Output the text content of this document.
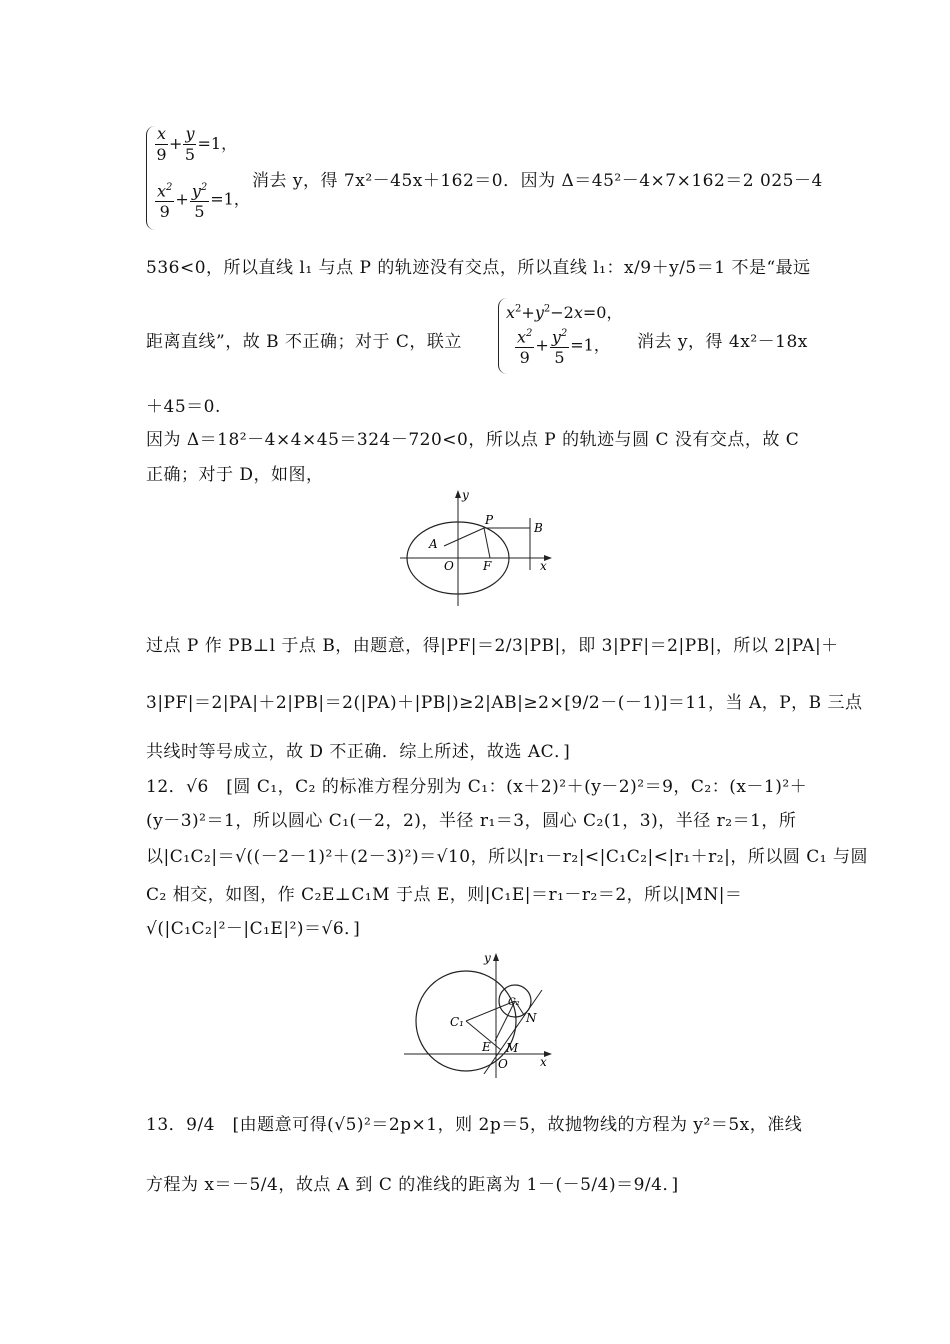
$\frac{x}{9} + \frac{y}{5} =1$，
$\frac{x^2}{9} + \frac{y^2}{5} =1$，
消去 y，得 7x²－45x＋162＝0．因为 Δ＝45²－4×7×162＝2 025－4
536<0，所以直线 l₁ 与点 P 的轨迹没有交点，所以直线 l₁：x/9＋y/5＝1 不是“最远
距离直线”，故 B 不正确；对于 C，联立
$x^2+y^2-2x=0$，
$\frac{x^2}{9} + \frac{y^2}{5} =1$， 消去 y，得 4x²－18x
＋45＝0.
因为 Δ＝18²－4×4×45＝324－720<0，所以点 P 的轨迹与圆 C 没有交点，故 C
正确；对于 D，如图，
y
P
B
A
O F	x
过点 P 作 PB⊥l 于点 B，由题意，得|PF|＝2/3|PB|，即 3|PF|＝2|PB|，所以 2|PA|＋
3|PF|＝2|PA|＋2|PB|＝2(|PA)＋|PB|)≥2|AB|≥2×[9/2－(－1)]＝11，当 A，P，B 三点
共线时等号成立，故 D 不正确．综上所述，故选 AC．]
12．√6　[圆 C₁，C₂ 的标准方程分别为 C₁：(x＋2)²＋(y－2)²＝9，C₂：(x－1)²＋
(y－3)²＝1，所以圆心 C₁(－2，2)，半径 r₁＝3，圆心 C₂(1，3)，半径 r₂＝1，所
以|C₁C₂|＝√((－2－1)²＋(2－3)²)＝√10，所以|r₁－r₂|<|C₁C₂|<|r₁＋r₂|，所以圆 C₁ 与圆
C₂ 相交，如图，作 C₂E⊥C₁M 于点 E，则|C₁E|＝r₁－r₂＝2，所以|MN|＝
√(|C₁C₂|²－|C₁E|²)＝√6．]
y
C₂
C₁	N
E M
O	x
13．9/4　[由题意可得(√5)²＝2p×1，则 2p＝5，故抛物线的方程为 y²＝5x，准线
方程为 x＝－5/4，故点 A 到 C 的准线的距离为 1－(－5/4)＝9/4．]
